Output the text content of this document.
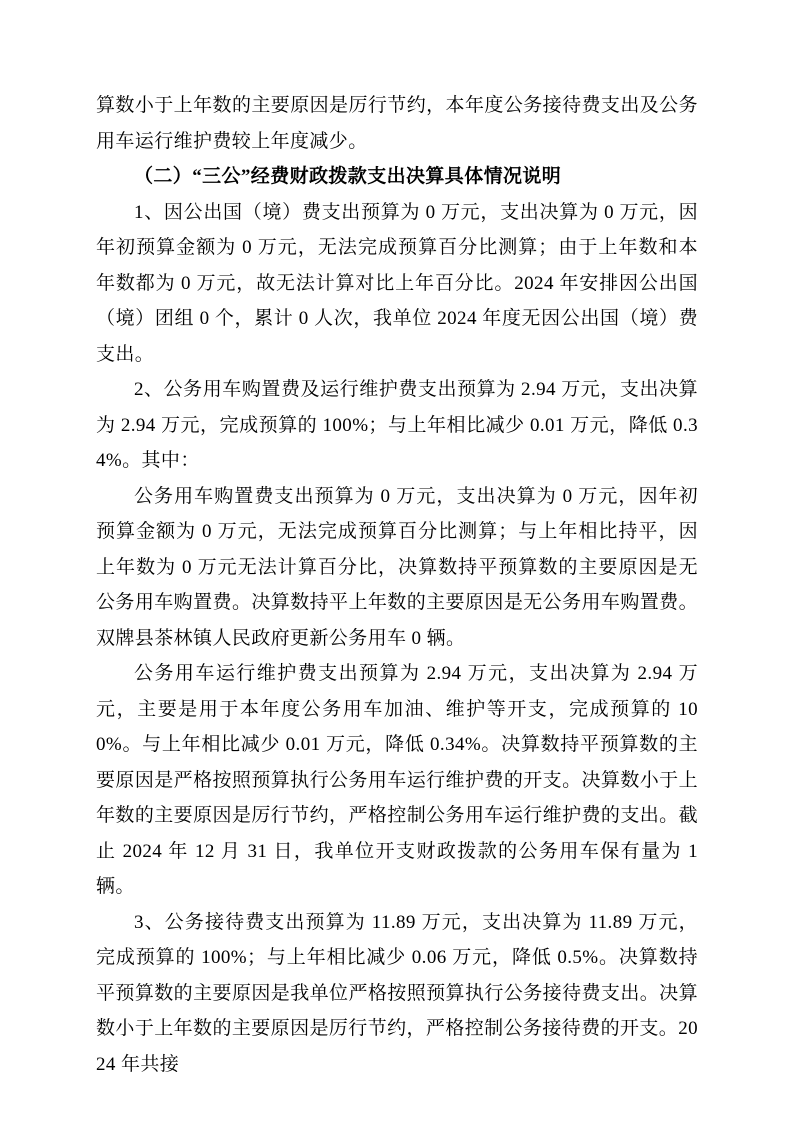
算数小于上年数的主要原因是厉行节约，本年度公务接待费支出及公务用车运行维护费较上年度减少。

（二）“三公”经费财政拨款支出决算具体情况说明

1、因公出国（境）费支出预算为 0 万元，支出决算为 0 万元，因年初预算金额为 0 万元，无法完成预算百分比测算；由于上年数和本年数都为 0 万元，故无法计算对比上年百分比。2024 年安排因公出国（境）团组 0 个，累计 0 人次，我单位 2024 年度无因公出国（境）费支出。

2、公务用车购置费及运行维护费支出预算为 2.94 万元，支出决算为 2.94 万元，完成预算的 100%；与上年相比减少 0.01 万元，降低 0.34%。其中：

公务用车购置费支出预算为 0 万元，支出决算为 0 万元，因年初预算金额为 0 万元，无法完成预算百分比测算；与上年相比持平，因上年数为 0 万元无法计算百分比，决算数持平预算数的主要原因是无公务用车购置费。决算数持平上年数的主要原因是无公务用车购置费。双牌县茶林镇人民政府更新公务用车 0 辆。

公务用车运行维护费支出预算为 2.94 万元，支出决算为 2.94 万元，主要是用于本年度公务用车加油、维护等开支，完成预算的 100%。与上年相比减少 0.01 万元，降低 0.34%。决算数持平预算数的主要原因是严格按照预算执行公务用车运行维护费的开支。决算数小于上年数的主要原因是厉行节约，严格控制公务用车运行维护费的支出。截止 2024 年 12 月 31 日，我单位开支财政拨款的公务用车保有量为 1 辆。

3、公务接待费支出预算为 11.89 万元，支出决算为 11.89 万元，完成预算的 100%；与上年相比减少 0.06 万元，降低 0.5%。决算数持平预算数的主要原因是我单位严格按照预算执行公务接待费支出。决算数小于上年数的主要原因是厉行节约，严格控制公务接待费的开支。2024 年共接
